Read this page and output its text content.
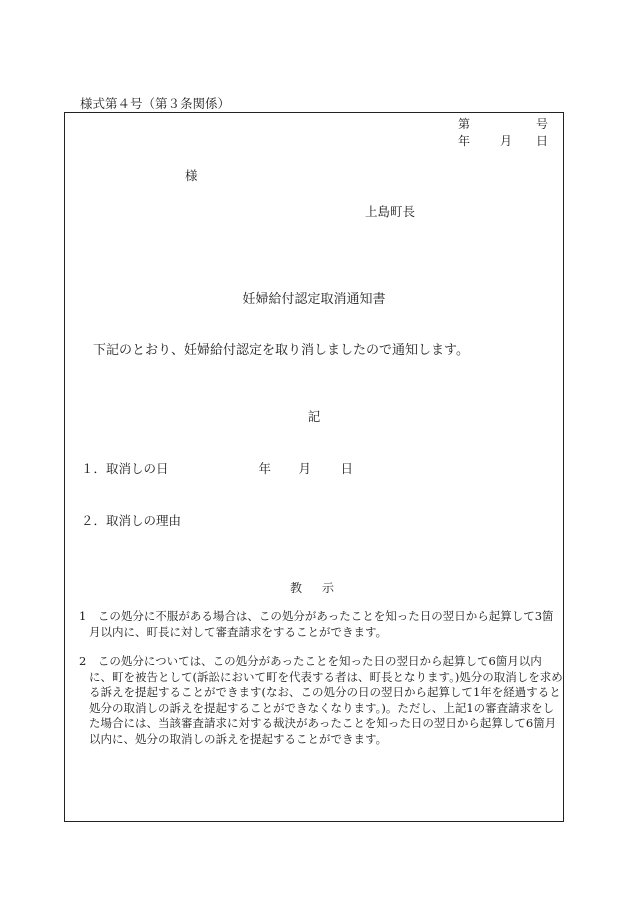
様式第４号（第３条関係）
第	号
年 月 日
様
上島町長
妊婦給付認定取消通知書
下記のとおり、妊婦給付認定を取り消しましたので通知します。
記
１．取消しの日	年 月 日
２．取消しの理由
教　示
1　この処分に不服がある場合は、この処分があったことを知った日の翌日から起算して3箇月以内に、町長に対して審査請求をすることができます。
2　この処分については、この処分があったことを知った日の翌日から起算して6箇月以内に、町を被告として(訴訟において町を代表する者は、町長となります。)処分の取消しを求める訴えを提起することができます(なお、この処分の日の翌日から起算して1年を経過すると処分の取消しの訴えを提起することができなくなります。)。ただし、上記1の審査請求をした場合には、当該審査請求に対する裁決があったことを知った日の翌日から起算して6箇月以内に、処分の取消しの訴えを提起することができます。
